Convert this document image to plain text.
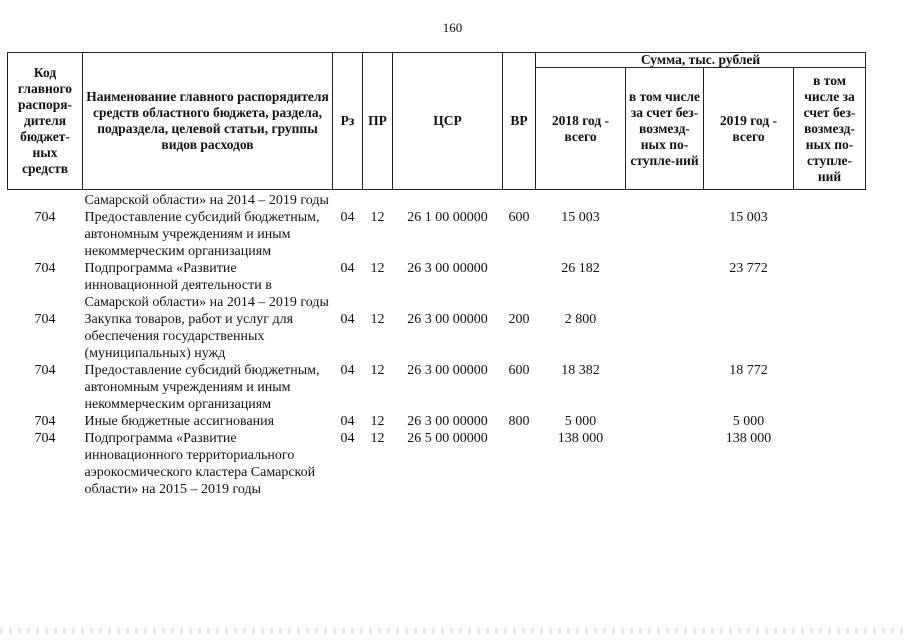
160
Код главного распоря-дителя бюджет-ных средств	Наименование главного распорядителя средств областного бюджета, раздела, подраздела, целевой статьи, группы видов расходов	Рз	ПР	ЦСР	ВР	Сумма, тыс. рублей			
						2018 год - всего	в том числе за счет без-возмезд-ных по-ступле-ний	2019 год - всего	в том числе за счет без-возмезд-ных по-ступле-ний
	Самарской области» на 2014 – 2019 годы								
704	Предоставление субсидий бюджетным, автономным учреждениям и иным некоммерческим организациям	04	12	26 1 00 00000	600	15 003		15 003	
704	Подпрограмма «Развитие инновационной деятельности в Самарской области» на 2014 – 2019 годы	04	12	26 3 00 00000		26 182		23 772	
704	Закупка товаров, работ и услуг для обеспечения государственных (муниципальных) нужд	04	12	26 3 00 00000	200	2 800			
704	Предоставление субсидий бюджетным, автономным учреждениям и иным некоммерческим организациям	04	12	26 3 00 00000	600	18 382		18 772	
704	Иные бюджетные ассигнования	04	12	26 3 00 00000	800	5 000		5 000	
704	Подпрограмма «Развитие инновационного территориального аэрокосмического кластера Самарской области» на 2015 – 2019 годы	04	12	26 5 00 00000		138 000		138 000	
